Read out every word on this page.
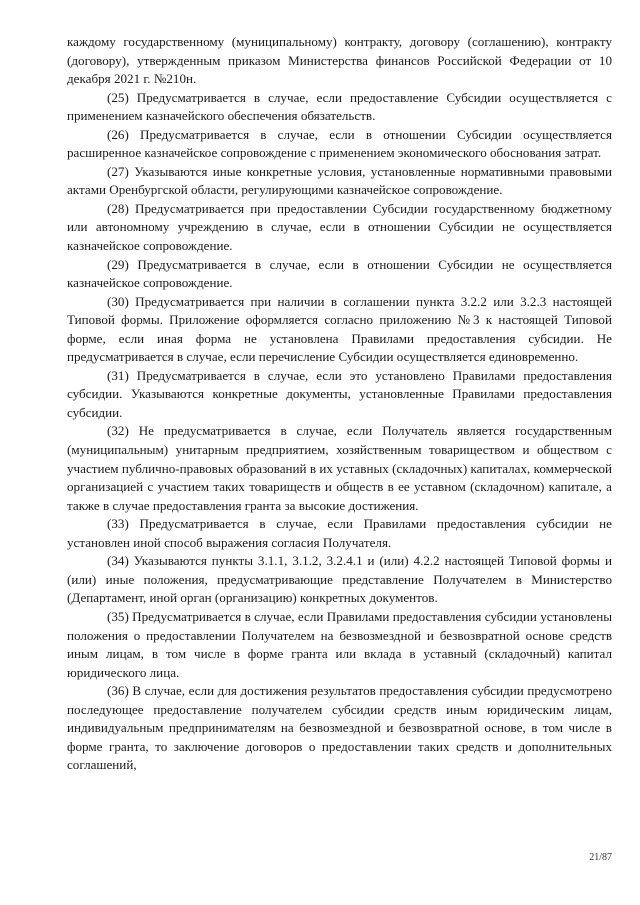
каждому государственному (муниципальному) контракту, договору (соглашению), контракту (договору), утвержденным приказом Министерства финансов Российской Федерации от 10 декабря 2021 г. №210н.

(25) Предусматривается в случае, если предоставление Субсидии осуществляется с применением казначейского обеспечения обязательств.

(26) Предусматривается в случае, если в отношении Субсидии осуществляется расширенное казначейское сопровождение с применением экономического обоснования затрат.

(27) Указываются иные конкретные условия, установленные нормативными правовыми актами Оренбургской области, регулирующими казначейское сопровождение.

(28) Предусматривается при предоставлении Субсидии государственному бюджетному или автономному учреждению в случае, если в отношении Субсидии не осуществляется казначейское сопровождение.

(29) Предусматривается в случае, если в отношении Субсидии не осуществляется казначейское сопровождение.

(30) Предусматривается при наличии в соглашении пункта 3.2.2 или 3.2.3 настоящей Типовой формы. Приложение оформляется согласно приложению №3 к настоящей Типовой форме, если иная форма не установлена Правилами предоставления субсидии. Не предусматривается в случае, если перечисление Субсидии осуществляется единовременно.

(31) Предусматривается в случае, если это установлено Правилами предоставления субсидии. Указываются конкретные документы, установленные Правилами предоставления субсидии.

(32) Не предусматривается в случае, если Получатель является государственным (муниципальным) унитарным предприятием, хозяйственным товариществом и обществом с участием публично-правовых образований в их уставных (складочных) капиталах, коммерческой организацией с участием таких товариществ и обществ в ее уставном (складочном) капитале, а также в случае предоставления гранта за высокие достижения.

(33) Предусматривается в случае, если Правилами предоставления субсидии не установлен иной способ выражения согласия Получателя.

(34) Указываются пункты 3.1.1, 3.1.2, 3.2.4.1 и (или) 4.2.2 настоящей Типовой формы и (или) иные положения, предусматривающие представление Получателем в Министерство (Департамент, иной орган (организацию) конкретных документов.

(35) Предусматривается в случае, если Правилами предоставления субсидии установлены положения о предоставлении Получателем на безвозмездной и безвозвратной основе средств иным лицам, в том числе в форме гранта или вклада в уставный (складочный) капитал юридического лица.

(36) В случае, если для достижения результатов предоставления субсидии предусмотрено последующее предоставление получателем субсидии средств иным юридическим лицам, индивидуальным предпринимателям на безвозмездной и безвозвратной основе, в том числе в форме гранта, то заключение договоров о предоставлении таких средств и дополнительных соглашений,

21/87
